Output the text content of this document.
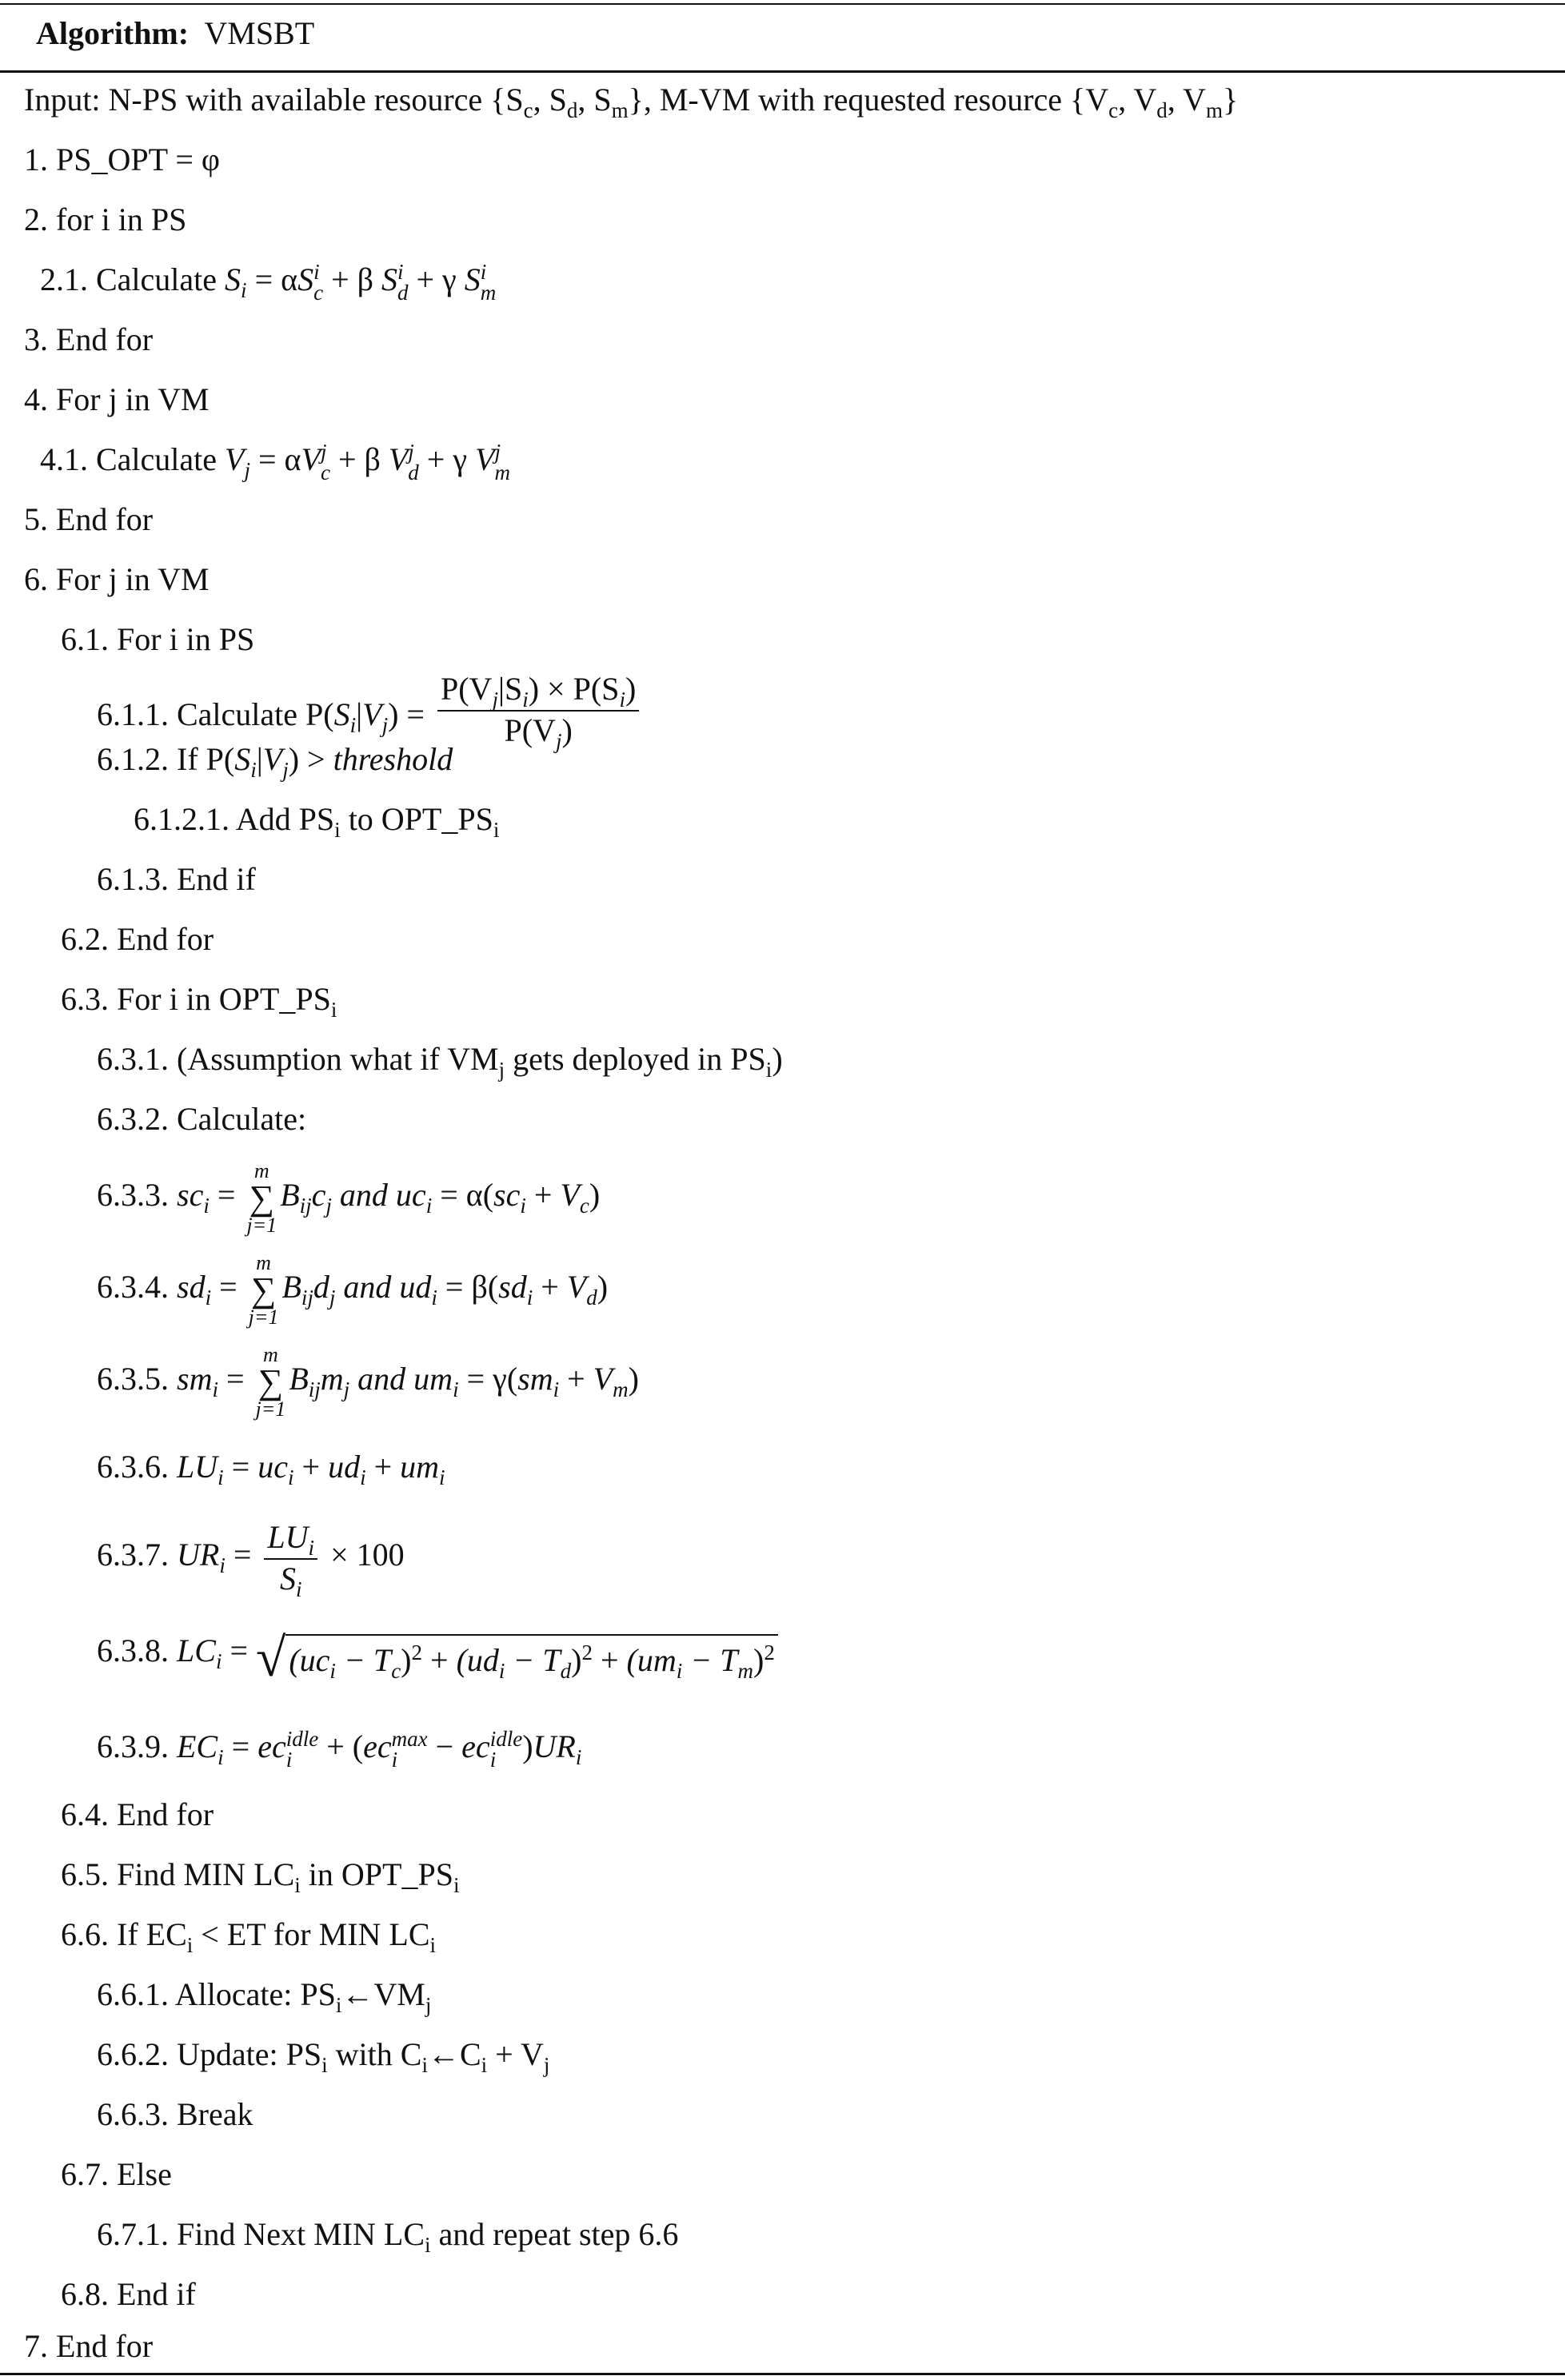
Algorithm: VMSBT
Input: N-PS with available resource {$S_c$, $S_d$, $S_m$}, M-VM with requested resource {$V_c$, $V_d$, $V_m$}
1. PS_OPT = φ
2. for i in PS
2.1. Calculate $S_i = \alpha S$ i
c + β S i
d + γ S i
m
3. End for
4. For j in VM
4.1. Calculate $V_j = \alpha V$ j
c + β V j
d + γ V j
m
5. End for
6. For j in VM
6.1. For i in PS
6.1.1. Calculate $P(S_i|V_j) = \frac{P(V_j|S_i) \times P(S_i)}{P(V_j)}$
6.1.2. If $P(S_i|V_j)$ > threshold
6.1.2.1. Add $PS_i$ to $OPT\_PS_i$
6.1.3. End if
6.2. End for
6.3. For i in $OPT\_PS_i$
6.3.1. (Assumption what if $VM_j$ gets deployed in $PS_i$)
6.3.2. Calculate:
6.3.3. $sc_i$ =
m
∑
j=1
$B_{ij}c_j$ and $uc_i = \alpha(sc_i + V_c)$
6.3.4. $sd_i$ =
m
∑
j=1
$B_{ij}d_j$ and $ud_i = \beta(sd_i + V_d)$
6.3.5. $sm_i$ =
m
∑
j=1
$B_{ij}m_j$ and $um_i = \gamma(sm_i + V_m)$
6.3.6. $LU_i = uc_i + ud_i + um_i$
6.3.7. $UR_i = \frac{LU_i}{S_i} \times 100$
6.3.8. $LC_i$ = √ $(uc_i - T_c)^2 + (ud_i - T_d)^2 + (um_i - T_m)^2$
6.3.9. $EC_i$ = ec idle
i + (ec max
i − ec idle
i )$UR_i$
6.4. End for
6.5. Find MIN $LC_i$ in $OPT\_PS_i$
6.6. If $EC_i$ < ET for MIN $LC_i$
6.6.1. Allocate: $PS_i\leftarrow VM_j$
6.6.2. Update: $PS_i$ with $C_i\leftarrow C_i + V_j$
6.6.3. Break
6.7. Else
6.7.1. Find Next MIN $LC_i$ and repeat step 6.6
6.8. End if
7. End for
